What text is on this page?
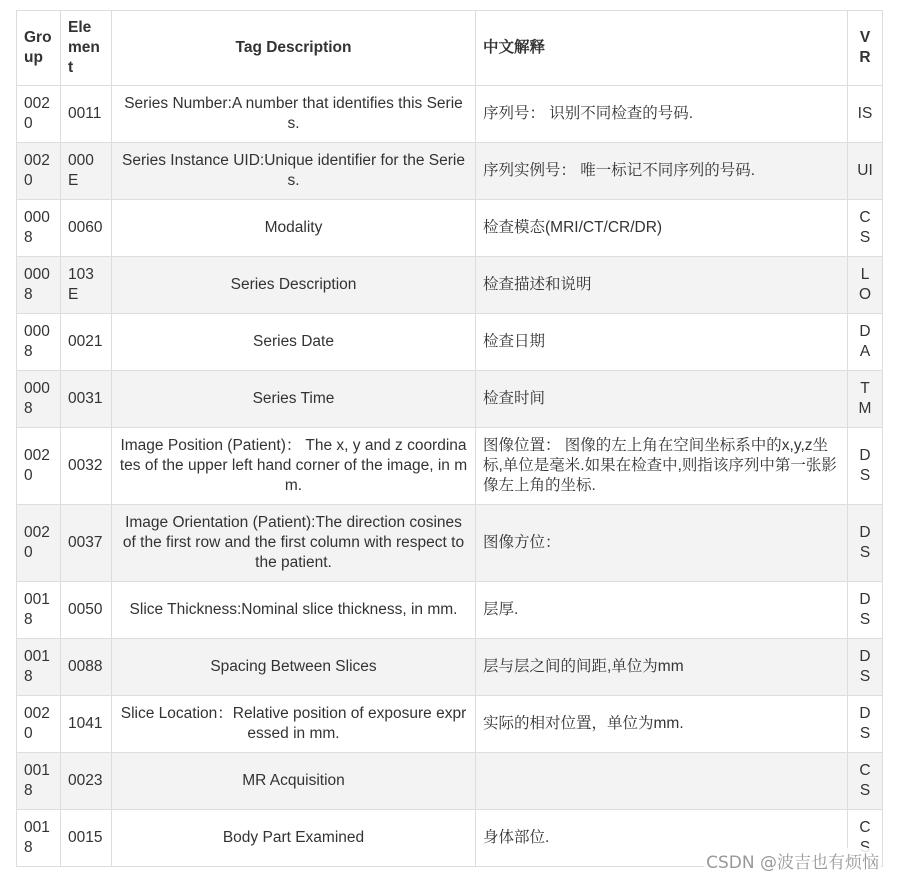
Group	Element	Tag Description	中文解释	VR
0020	0011	Series Number:A number that identifies this Series.	序列号： 识别不同检查的号码.	IS
0020	000E	Series Instance UID:Unique identifier for the Series.	序列实例号： 唯一标记不同序列的号码.	UI
0008	0060	Modality	检查模态(MRI/CT/CR/DR)	CS
0008	103E	Series Description	检查描述和说明	LO
0008	0021	Series Date	检查日期	DA
0008	0031	Series Time	检查时间	TM
0020	0032	Image Position (Patient)： The x, y and z coordinates of the upper left hand corner of the image, in mm.	图像位置： 图像的左上角在空间坐标系中的x,y,z坐标,单位是毫米.如果在检查中,则指该序列中第一张影像左上角的坐标.	DS
0020	0037	Image Orientation (Patient):The direction cosines of the first row and the first column with respect to the patient.	图像方位：	DS
0018	0050	Slice Thickness:Nominal slice thickness, in mm.	层厚.	DS
0018	0088	Spacing Between Slices	层与层之间的间距,单位为mm	DS
0020	1041	Slice Location：Relative position of exposure expressed in mm.	实际的相对位置，单位为mm.	DS
0018	0023	MR Acquisition		CS
0018	0015	Body Part Examined	身体部位.	C
CSDN @波吉也有烦恼
